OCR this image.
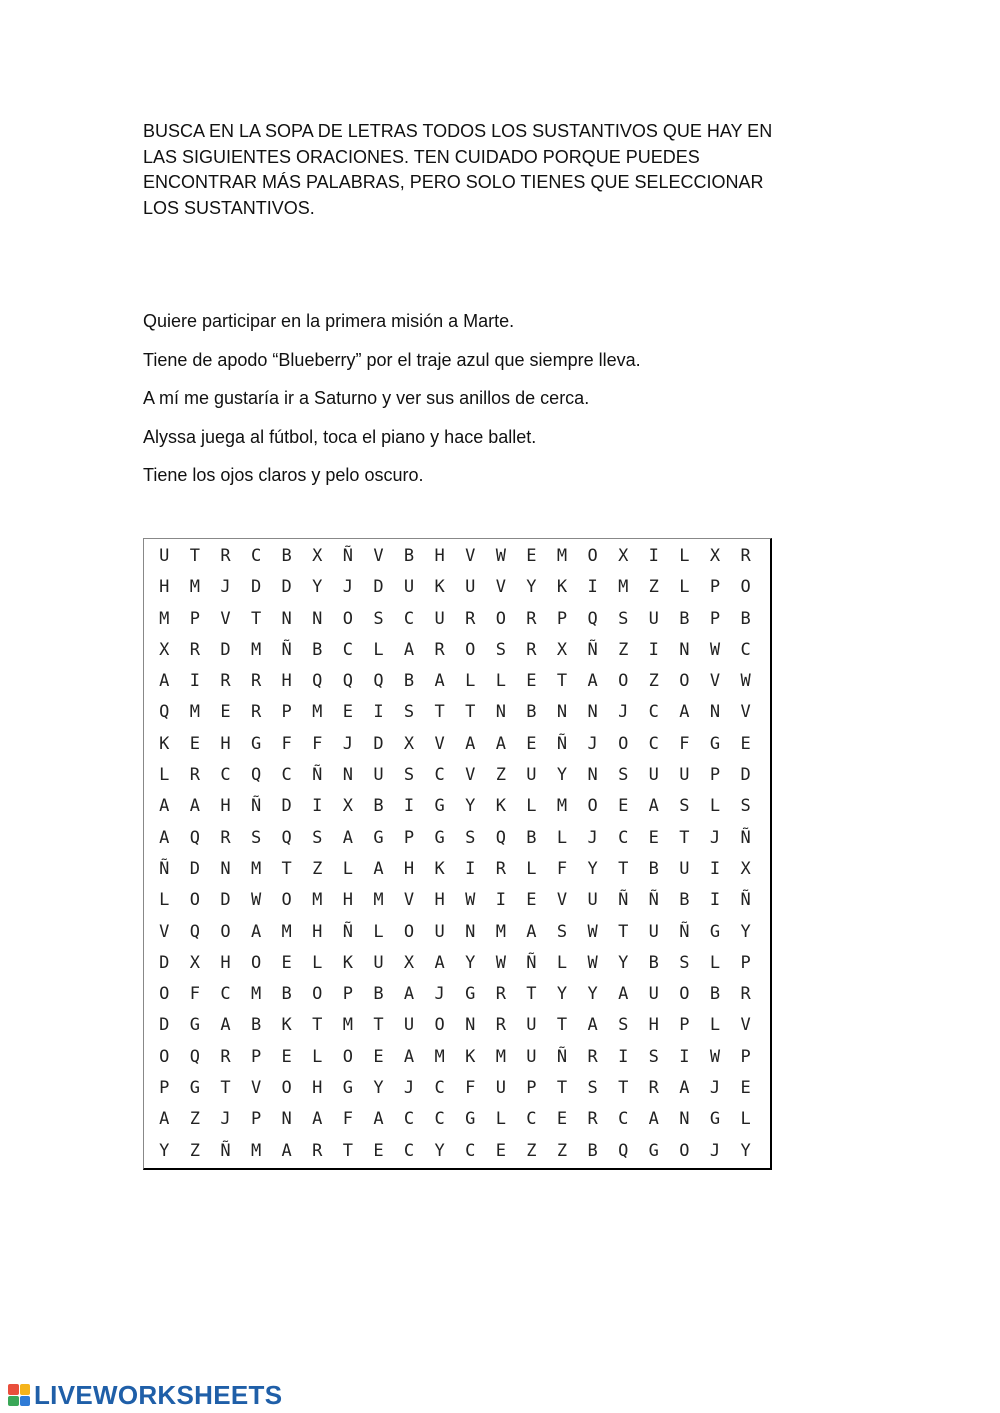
BUSCA EN LA SOPA DE LETRAS TODOS LOS SUSTANTIVOS QUE HAY EN
LAS SIGUIENTES ORACIONES. TEN CUIDADO PORQUE PUEDES
ENCONTRAR MÁS PALABRAS, PERO SOLO TIENES QUE SELECCIONAR
LOS SUSTANTIVOS.
Quiere participar en la primera misión a Marte.
Tiene de apodo “Blueberry” por el traje azul que siempre lleva.
A mí me gustaría ir a Saturno y ver sus anillos de cerca.
Alyssa juega al fútbol, toca el piano y hace ballet.
Tiene los ojos claros y pelo oscuro.
U	T	R	C	B	X	Ñ	V	B	H	V	W	E	M	O	X	I	L	X	R
H	M	J	D	D	Y	J	D	U	K	U	V	Y	K	I	M	Z	L	P	O
M	P	V	T	N	N	O	S	C	U	R	O	R	P	Q	S	U	B	P	B
X	R	D	M	Ñ	B	C	L	A	R	O	S	R	X	Ñ	Z	I	N	W	C
A	I	R	R	H	Q	Q	Q	B	A	L	L	E	T	A	O	Z	O	V	W
Q	M	E	R	P	M	E	I	S	T	T	N	B	N	N	J	C	A	N	V
K	E	H	G	F	F	J	D	X	V	A	A	E	Ñ	J	O	C	F	G	E
L	R	C	Q	C	Ñ	N	U	S	C	V	Z	U	Y	N	S	U	U	P	D
A	A	H	Ñ	D	I	X	B	I	G	Y	K	L	M	O	E	A	S	L	S
A	Q	R	S	Q	S	A	G	P	G	S	Q	B	L	J	C	E	T	J	Ñ
Ñ	D	N	M	T	Z	L	A	H	K	I	R	L	F	Y	T	B	U	I	X
L	O	D	W	O	M	H	M	V	H	W	I	E	V	U	Ñ	Ñ	B	I	Ñ
V	Q	O	A	M	H	Ñ	L	O	U	N	M	A	S	W	T	U	Ñ	G	Y
D	X	H	O	E	L	K	U	X	A	Y	W	Ñ	L	W	Y	B	S	L	P
O	F	C	M	B	O	P	B	A	J	G	R	T	Y	Y	A	U	O	B	R
D	G	A	B	K	T	M	T	U	O	N	R	U	T	A	S	H	P	L	V
O	Q	R	P	E	L	O	E	A	M	K	M	U	Ñ	R	I	S	I	W	P
P	G	T	V	O	H	G	Y	J	C	F	U	P	T	S	T	R	A	J	E
A	Z	J	P	N	A	F	A	C	C	G	L	C	E	R	C	A	N	G	L
Y	Z	Ñ	M	A	R	T	E	C	Y	C	E	Z	Z	B	Q	G	O	J	Y
LIVEWORKSHEETS
